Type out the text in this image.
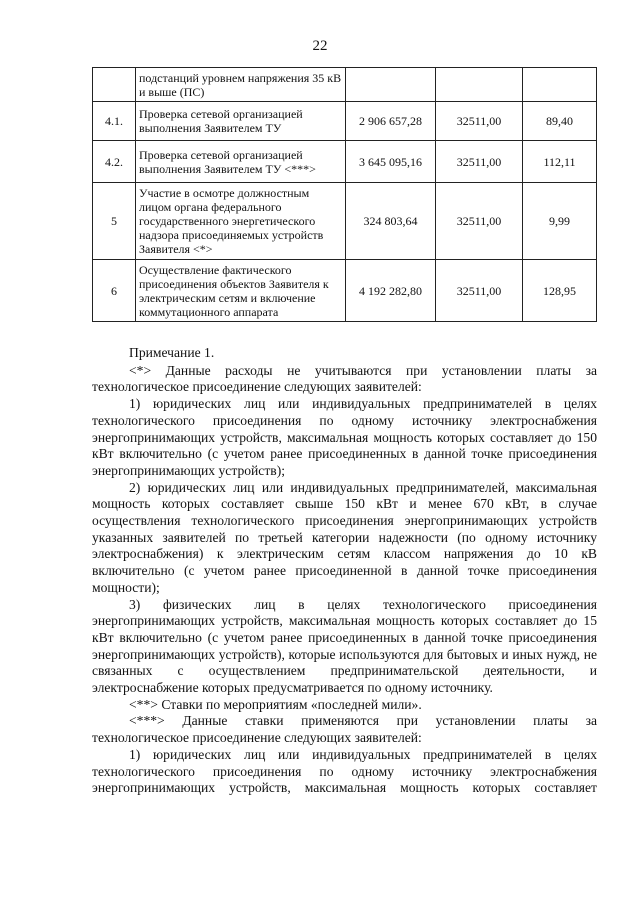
22
	подстанций уровнем напряжения 35 кВ и выше (ПС)			
4.1.	Проверка сетевой организацией выполнения Заявителем ТУ	2 906 657,28	32511,00	89,40
4.2.	Проверка сетевой организацией выполнения Заявителем ТУ <***>	3 645 095,16	32511,00	112,11
5	Участие в осмотре должностным лицом органа федерального государственного энергетического надзора присоединяемых устройств Заявителя <*>	324 803,64	32511,00	9,99
6	Осуществление фактического присоединения объектов Заявителя к электрическим сетям и включение коммутационного аппарата	4 192 282,80	32511,00	128,95

Примечание 1.

<*> Данные расходы не учитываются при установлении платы за технологическое присоединение следующих заявителей:

1) юридических лиц или индивидуальных предпринимателей в целях технологического присоединения по одному источнику электроснабжения энергопринимающих устройств, максимальная мощность которых составляет до 150 кВт включительно (с учетом ранее присоединенных в данной точке присоединения энергопринимающих устройств);

2) юридических лиц или индивидуальных предпринимателей, максимальная мощность которых составляет свыше 150 кВт и менее 670 кВт, в случае осуществления технологического присоединения энергопринимающих устройств указанных заявителей по третьей категории надежности (по одному источнику электроснабжения) к электрическим сетям классом напряжения до 10 кВ включительно (с учетом ранее присоединенной в данной точке присоединения мощности);

3) физических лиц в целях технологического присоединения энергопринимающих устройств, максимальная мощность которых составляет до 15 кВт включительно (с учетом ранее присоединенных в данной точке присоединения энергопринимающих устройств), которые используются для бытовых и иных нужд, не связанных с осуществлением предпринимательской деятельности, и электроснабжение которых предусматривается по одному источнику.

<**> Ставки по мероприятиям «последней мили».

<***> Данные ставки применяются при установлении платы за технологическое присоединение следующих заявителей:

1) юридических лиц или индивидуальных предпринимателей в целях технологического присоединения по одному источнику электроснабжения энергопринимающих устройств, максимальная мощность которых составляет
